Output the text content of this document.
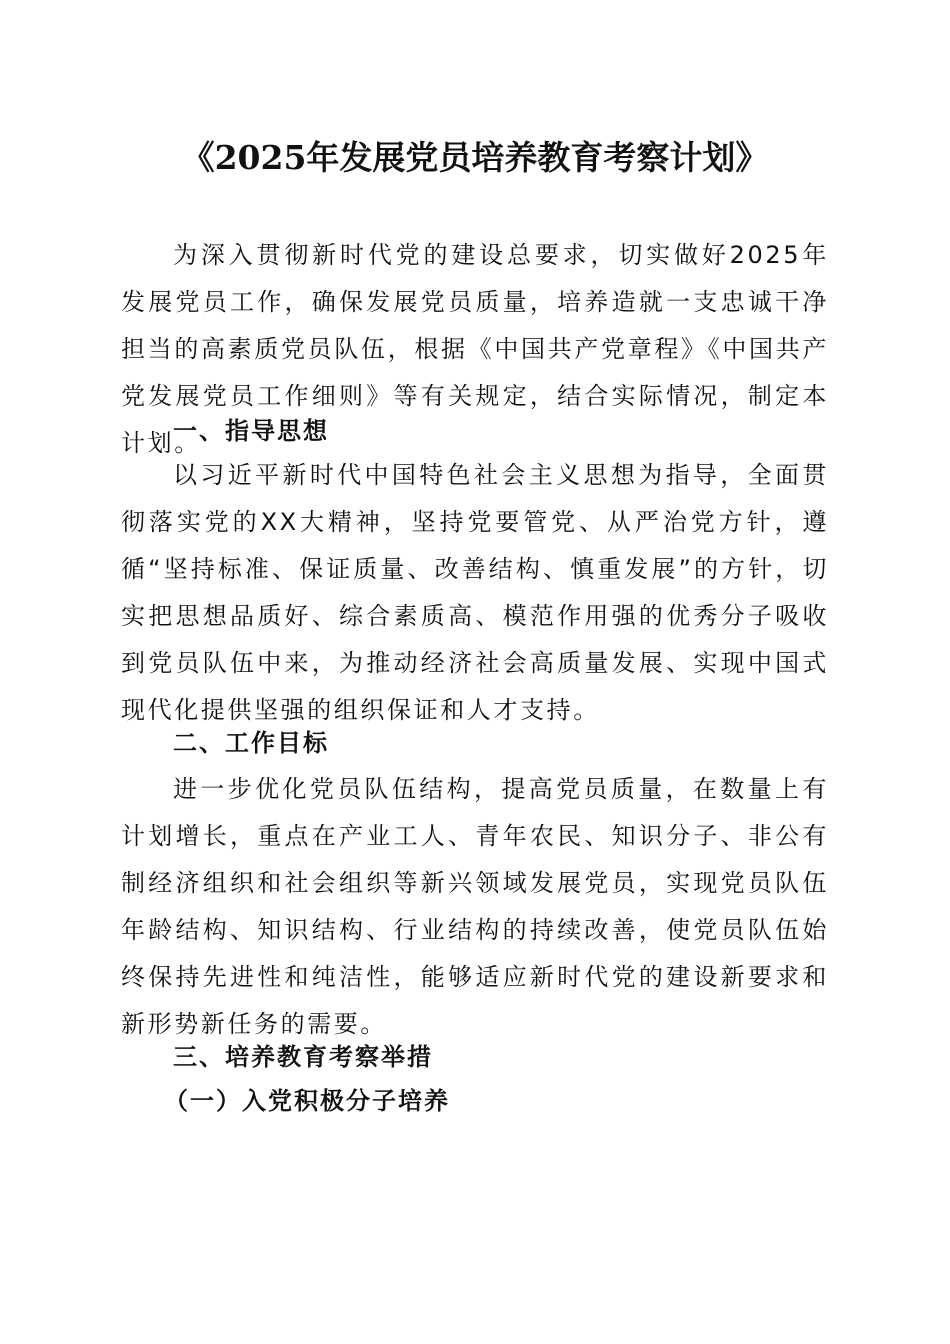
《2025年发展党员培养教育考察计划》

为深入贯彻新时代党的建设总要求，切实做好2025年发展党员工作，确保发展党员质量，培养造就一支忠诚干净担当的高素质党员队伍，根据《中国共产党章程》《中国共产党发展党员工作细则》等有关规定，结合实际情况，制定本计划。

一、指导思想

以习近平新时代中国特色社会主义思想为指导，全面贯彻落实党的XX大精神，坚持党要管党、从严治党方针，遵循“坚持标准、保证质量、改善结构、慎重发展”的方针，切实把思想品质好、综合素质高、模范作用强的优秀分子吸收到党员队伍中来，为推动经济社会高质量发展、实现中国式现代化提供坚强的组织保证和人才支持。

二、工作目标

进一步优化党员队伍结构，提高党员质量，在数量上有计划增长，重点在产业工人、青年农民、知识分子、非公有制经济组织和社会组织等新兴领域发展党员，实现党员队伍年龄结构、知识结构、行业结构的持续改善，使党员队伍始终保持先进性和纯洁性，能够适应新时代党的建设新要求和新形势新任务的需要。

三、培养教育考察举措
（一）入党积极分子培养
